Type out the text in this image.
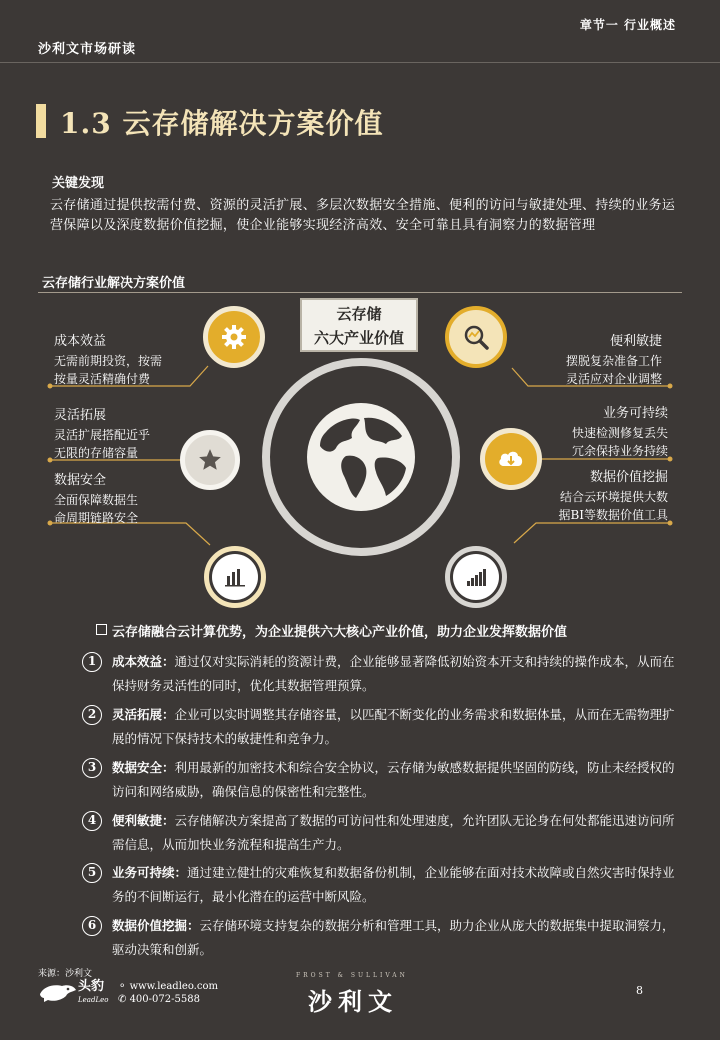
沙利文市场研读
章节一 行业概述
1.3 云存储解决方案价值
关键发现
云存储通过提供按需付费、资源的灵活扩展、多层次数据安全措施、便利的访问与敏捷处理、持续的业务运营保障以及深度数据价值挖掘，使企业能够实现经济高效、安全可靠且具有洞察力的数据管理
云存储行业解决方案价值
云存储
六大产业价值
成本效益
无需前期投资，按需
按量灵活精确付费
灵活拓展
灵活扩展搭配近乎
无限的存储容量
数据安全
全面保障数据生
命周期链路安全
便利敏捷
摆脱复杂准备工作
灵活应对企业调整
业务可持续
快速检测修复丢失
冗余保持业务持续
数据价值挖掘
结合云环境提供大数
据BI等数据价值工具
云存储融合云计算优势，为企业提供六大核心产业价值，助力企业发挥数据价值
1	成本效益：通过仅对实际消耗的资源计费，企业能够显著降低初始资本开支和持续的操作成本，从而在保持财务灵活性的同时，优化其数据管理预算。
2	灵活拓展：企业可以实时调整其存储容量，以匹配不断变化的业务需求和数据体量，从而在无需物理扩展的情况下保持技术的敏捷性和竞争力。
3	数据安全：利用最新的加密技术和综合安全协议，云存储为敏感数据提供坚固的防线，防止未经授权的访问和网络威胁，确保信息的保密性和完整性。
4	便利敏捷：云存储解决方案提高了数据的可访问性和处理速度，允许团队无论身在何处都能迅速访问所需信息，从而加快业务流程和提高生产力。
5	业务可持续：通过建立健壮的灾难恢复和数据备份机制，企业能够在面对技术故障或自然灾害时保持业务的不间断运行，最小化潜在的运营中断风险。
6	数据价值挖掘：云存储环境支持复杂的数据分析和管理工具，助力企业从庞大的数据集中提取洞察力，驱动决策和创新。
来源：沙利文
头豹
LeadLeo
⚬ www.leadleo.com
✆ 400-072-5588
FROST & SULLIVAN
沙利文	8
